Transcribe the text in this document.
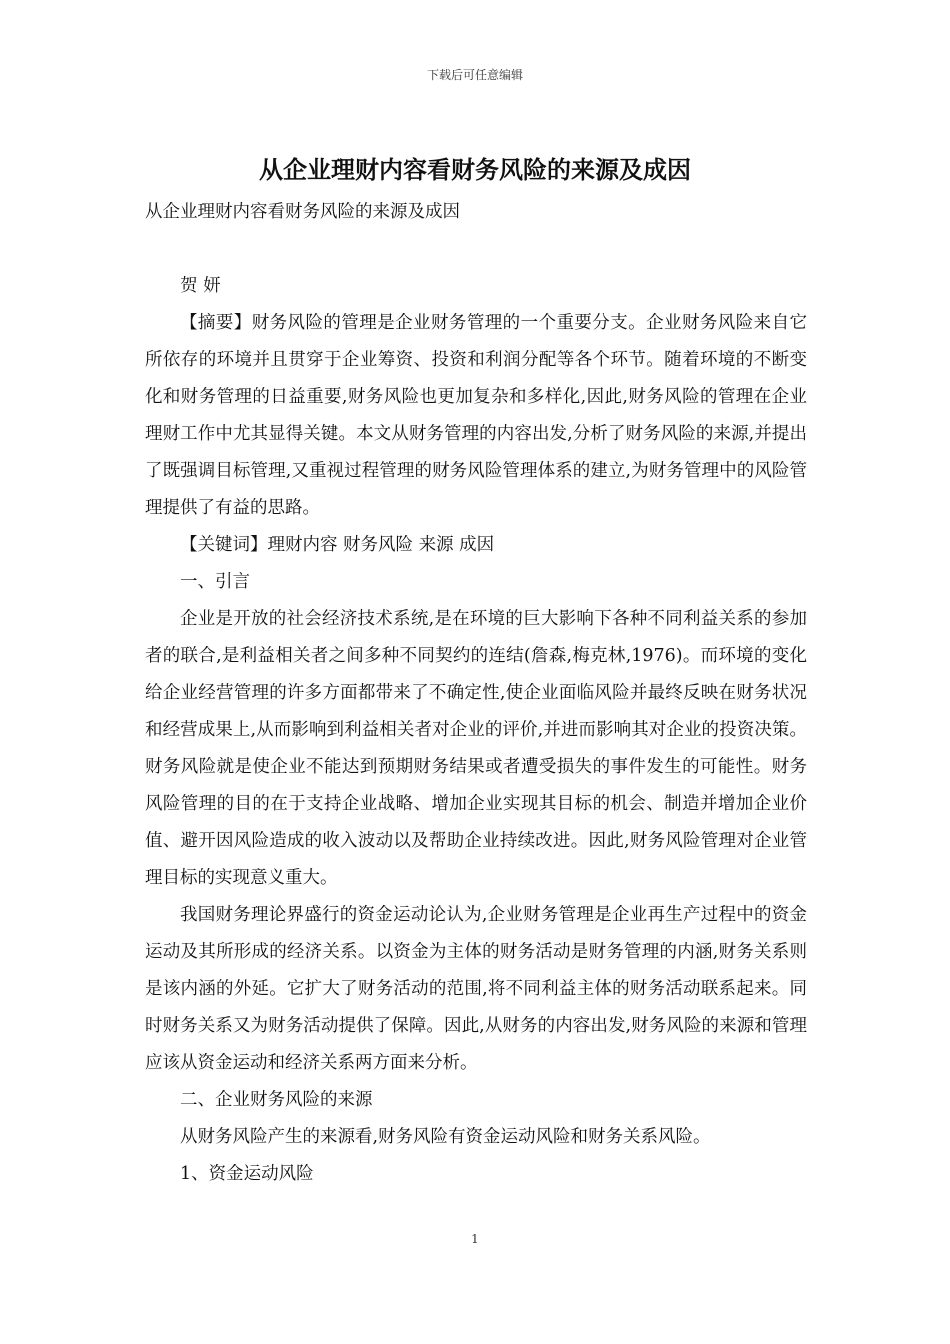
下载后可任意编辑
从企业理财内容看财务风险的来源及成因

从企业理财内容看财务风险的来源及成因

贺 妍

【摘要】财务风险的管理是企业财务管理的一个重要分支。企业财务风险来自它所依存的环境并且贯穿于企业筹资、投资和利润分配等各个环节。随着环境的不断变化和财务管理的日益重要,财务风险也更加复杂和多样化,因此,财务风险的管理在企业理财工作中尤其显得关键。本文从财务管理的内容出发,分析了财务风险的来源,并提出了既强调目标管理,又重视过程管理的财务风险管理体系的建立,为财务管理中的风险管理提供了有益的思路。

【关键词】理财内容 财务风险 来源 成因

一、引言

企业是开放的社会经济技术系统,是在环境的巨大影响下各种不同利益关系的参加者的联合,是利益相关者之间多种不同契约的连结(詹森,梅克林,1976)。而环境的变化给企业经营管理的许多方面都带来了不确定性,使企业面临风险并最终反映在财务状况和经营成果上,从而影响到利益相关者对企业的评价,并进而影响其对企业的投资决策。财务风险就是使企业不能达到预期财务结果或者遭受损失的事件发生的可能性。财务风险管理的目的在于支持企业战略、增加企业实现其目标的机会、制造并增加企业价值、避开因风险造成的收入波动以及帮助企业持续改进。因此,财务风险管理对企业管理目标的实现意义重大。

我国财务理论界盛行的资金运动论认为,企业财务管理是企业再生产过程中的资金运动及其所形成的经济关系。以资金为主体的财务活动是财务管理的内涵,财务关系则是该内涵的外延。它扩大了财务活动的范围,将不同利益主体的财务活动联系起来。同时财务关系又为财务活动提供了保障。因此,从财务的内容出发,财务风险的来源和管理应该从资金运动和经济关系两方面来分析。

二、企业财务风险的来源

从财务风险产生的来源看,财务风险有资金运动风险和财务关系风险。

1、资金运动风险

1
